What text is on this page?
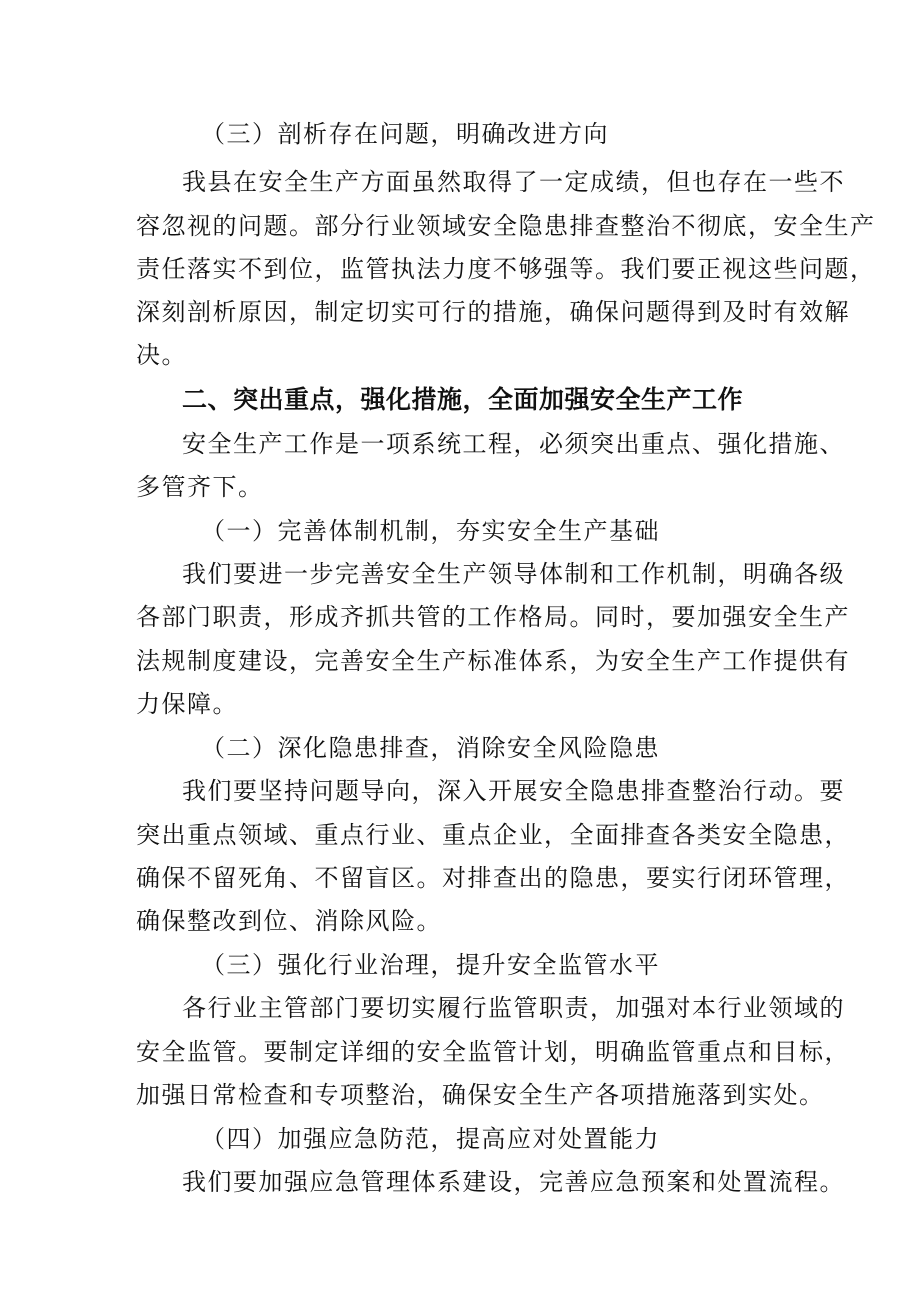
（三）剖析存在问题，明确改进方向
我县在安全生产方面虽然取得了一定成绩，但也存在一些不
容忽视的问题。部分行业领域安全隐患排查整治不彻底，安全生产
责任落实不到位，监管执法力度不够强等。我们要正视这些问题，
深刻剖析原因，制定切实可行的措施，确保问题得到及时有效解
决。
二、突出重点，强化措施，全面加强安全生产工作
安全生产工作是一项系统工程，必须突出重点、强化措施、
多管齐下。
（一）完善体制机制，夯实安全生产基础
我们要进一步完善安全生产领导体制和工作机制，明确各级
各部门职责，形成齐抓共管的工作格局。同时，要加强安全生产
法规制度建设，完善安全生产标准体系，为安全生产工作提供有
力保障。
（二）深化隐患排查，消除安全风险隐患
我们要坚持问题导向，深入开展安全隐患排查整治行动。要
突出重点领域、重点行业、重点企业，全面排查各类安全隐患，
确保不留死角、不留盲区。对排查出的隐患，要实行闭环管理，
确保整改到位、消除风险。
（三）强化行业治理，提升安全监管水平
各行业主管部门要切实履行监管职责，加强对本行业领域的
安全监管。要制定详细的安全监管计划，明确监管重点和目标，
加强日常检查和专项整治，确保安全生产各项措施落到实处。
（四）加强应急防范，提高应对处置能力
我们要加强应急管理体系建设，完善应急预案和处置流程。
